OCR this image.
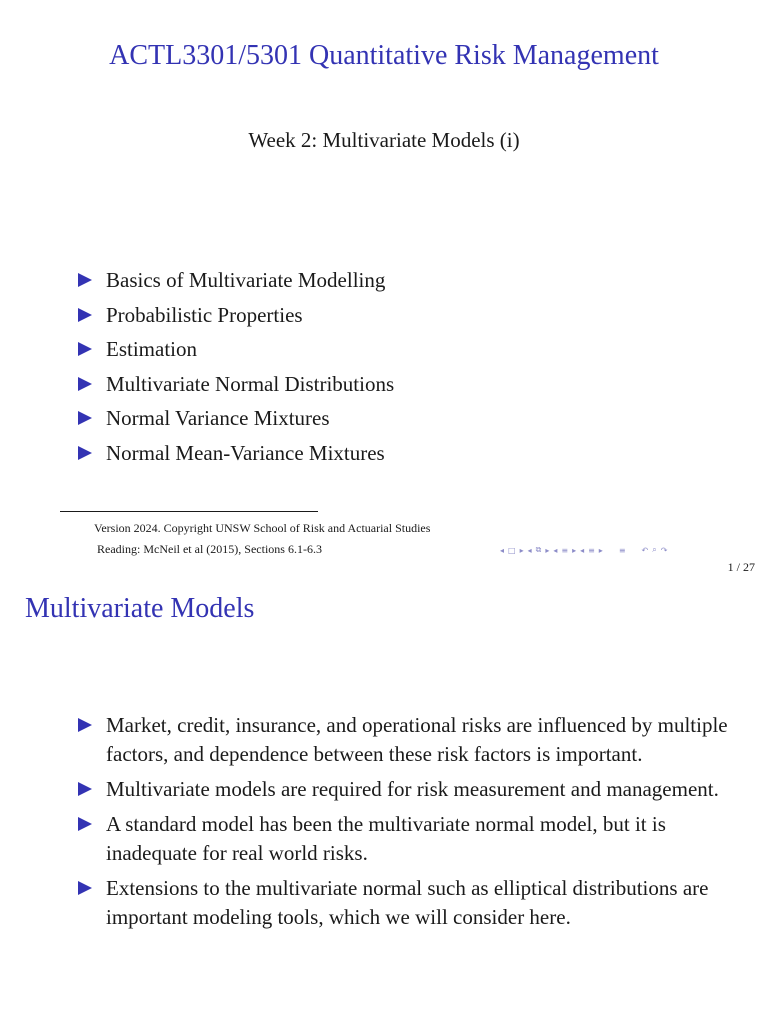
ACTL3301/5301 Quantitative Risk Management
Week 2: Multivariate Models (i)
Basics of Multivariate Modelling
Probabilistic Properties
Estimation
Multivariate Normal Distributions
Normal Variance Mixtures
Normal Mean-Variance Mixtures
Version 2024. Copyright UNSW School of Risk and Actuarial Studies
Reading: McNeil et al (2015), Sections 6.1-6.3	◂ □ ▸ ◂ ⧉ ▸ ◂ ≡ ▸ ◂ ≡ ▸ ≡ ↶ ⌕ ↷
1 / 27
Multivariate Models
Market, credit, insurance, and operational risks are influenced by multiple factors, and dependence between these risk factors is important.
Multivariate models are required for risk measurement and management.
A standard model has been the multivariate normal model, but it is inadequate for real world risks.
Extensions to the multivariate normal such as elliptical distributions are important modeling tools, which we will consider here.
